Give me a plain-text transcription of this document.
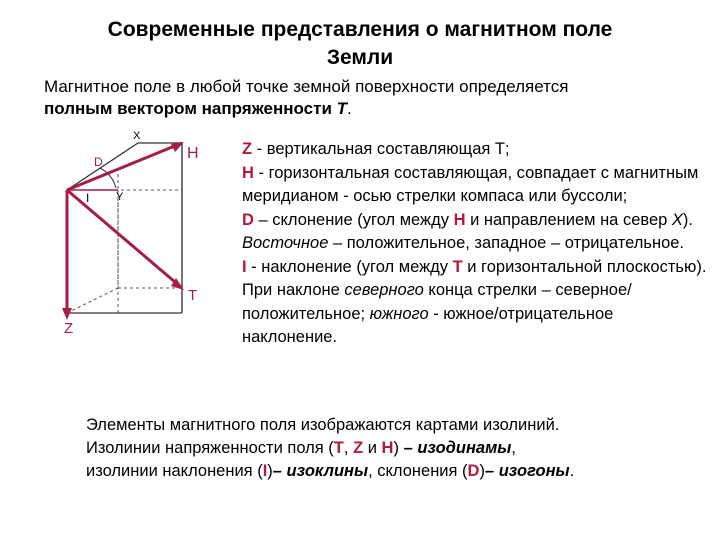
Современные представления о магнитном поле
Земли
Магнитное поле в любой точке земной поверхности определяется
полным вектором напряженности T.
X
D
I Y
H
T
Z
Z - вертикальная составляющая Т;
H - горизонтальная составляющая, совпадает с магнитным меридианом - осью стрелки компаса или буссоли;
D – склонение (угол между Н и направлением на север Х). Восточное – положительное, западное – отрицательное.
I - наклонение (угол между Т и горизонтальной плоскостью). При наклоне северного конца стрелки – северное/положительное; южного - южное/отрицательное наклонение.
Элементы магнитного поля изображаются картами изолиний.
Изолинии напряженности поля (Т, Z и Н) – изодинамы,
изолинии наклонения (I)– изоклины, склонения (D)– изогоны.
